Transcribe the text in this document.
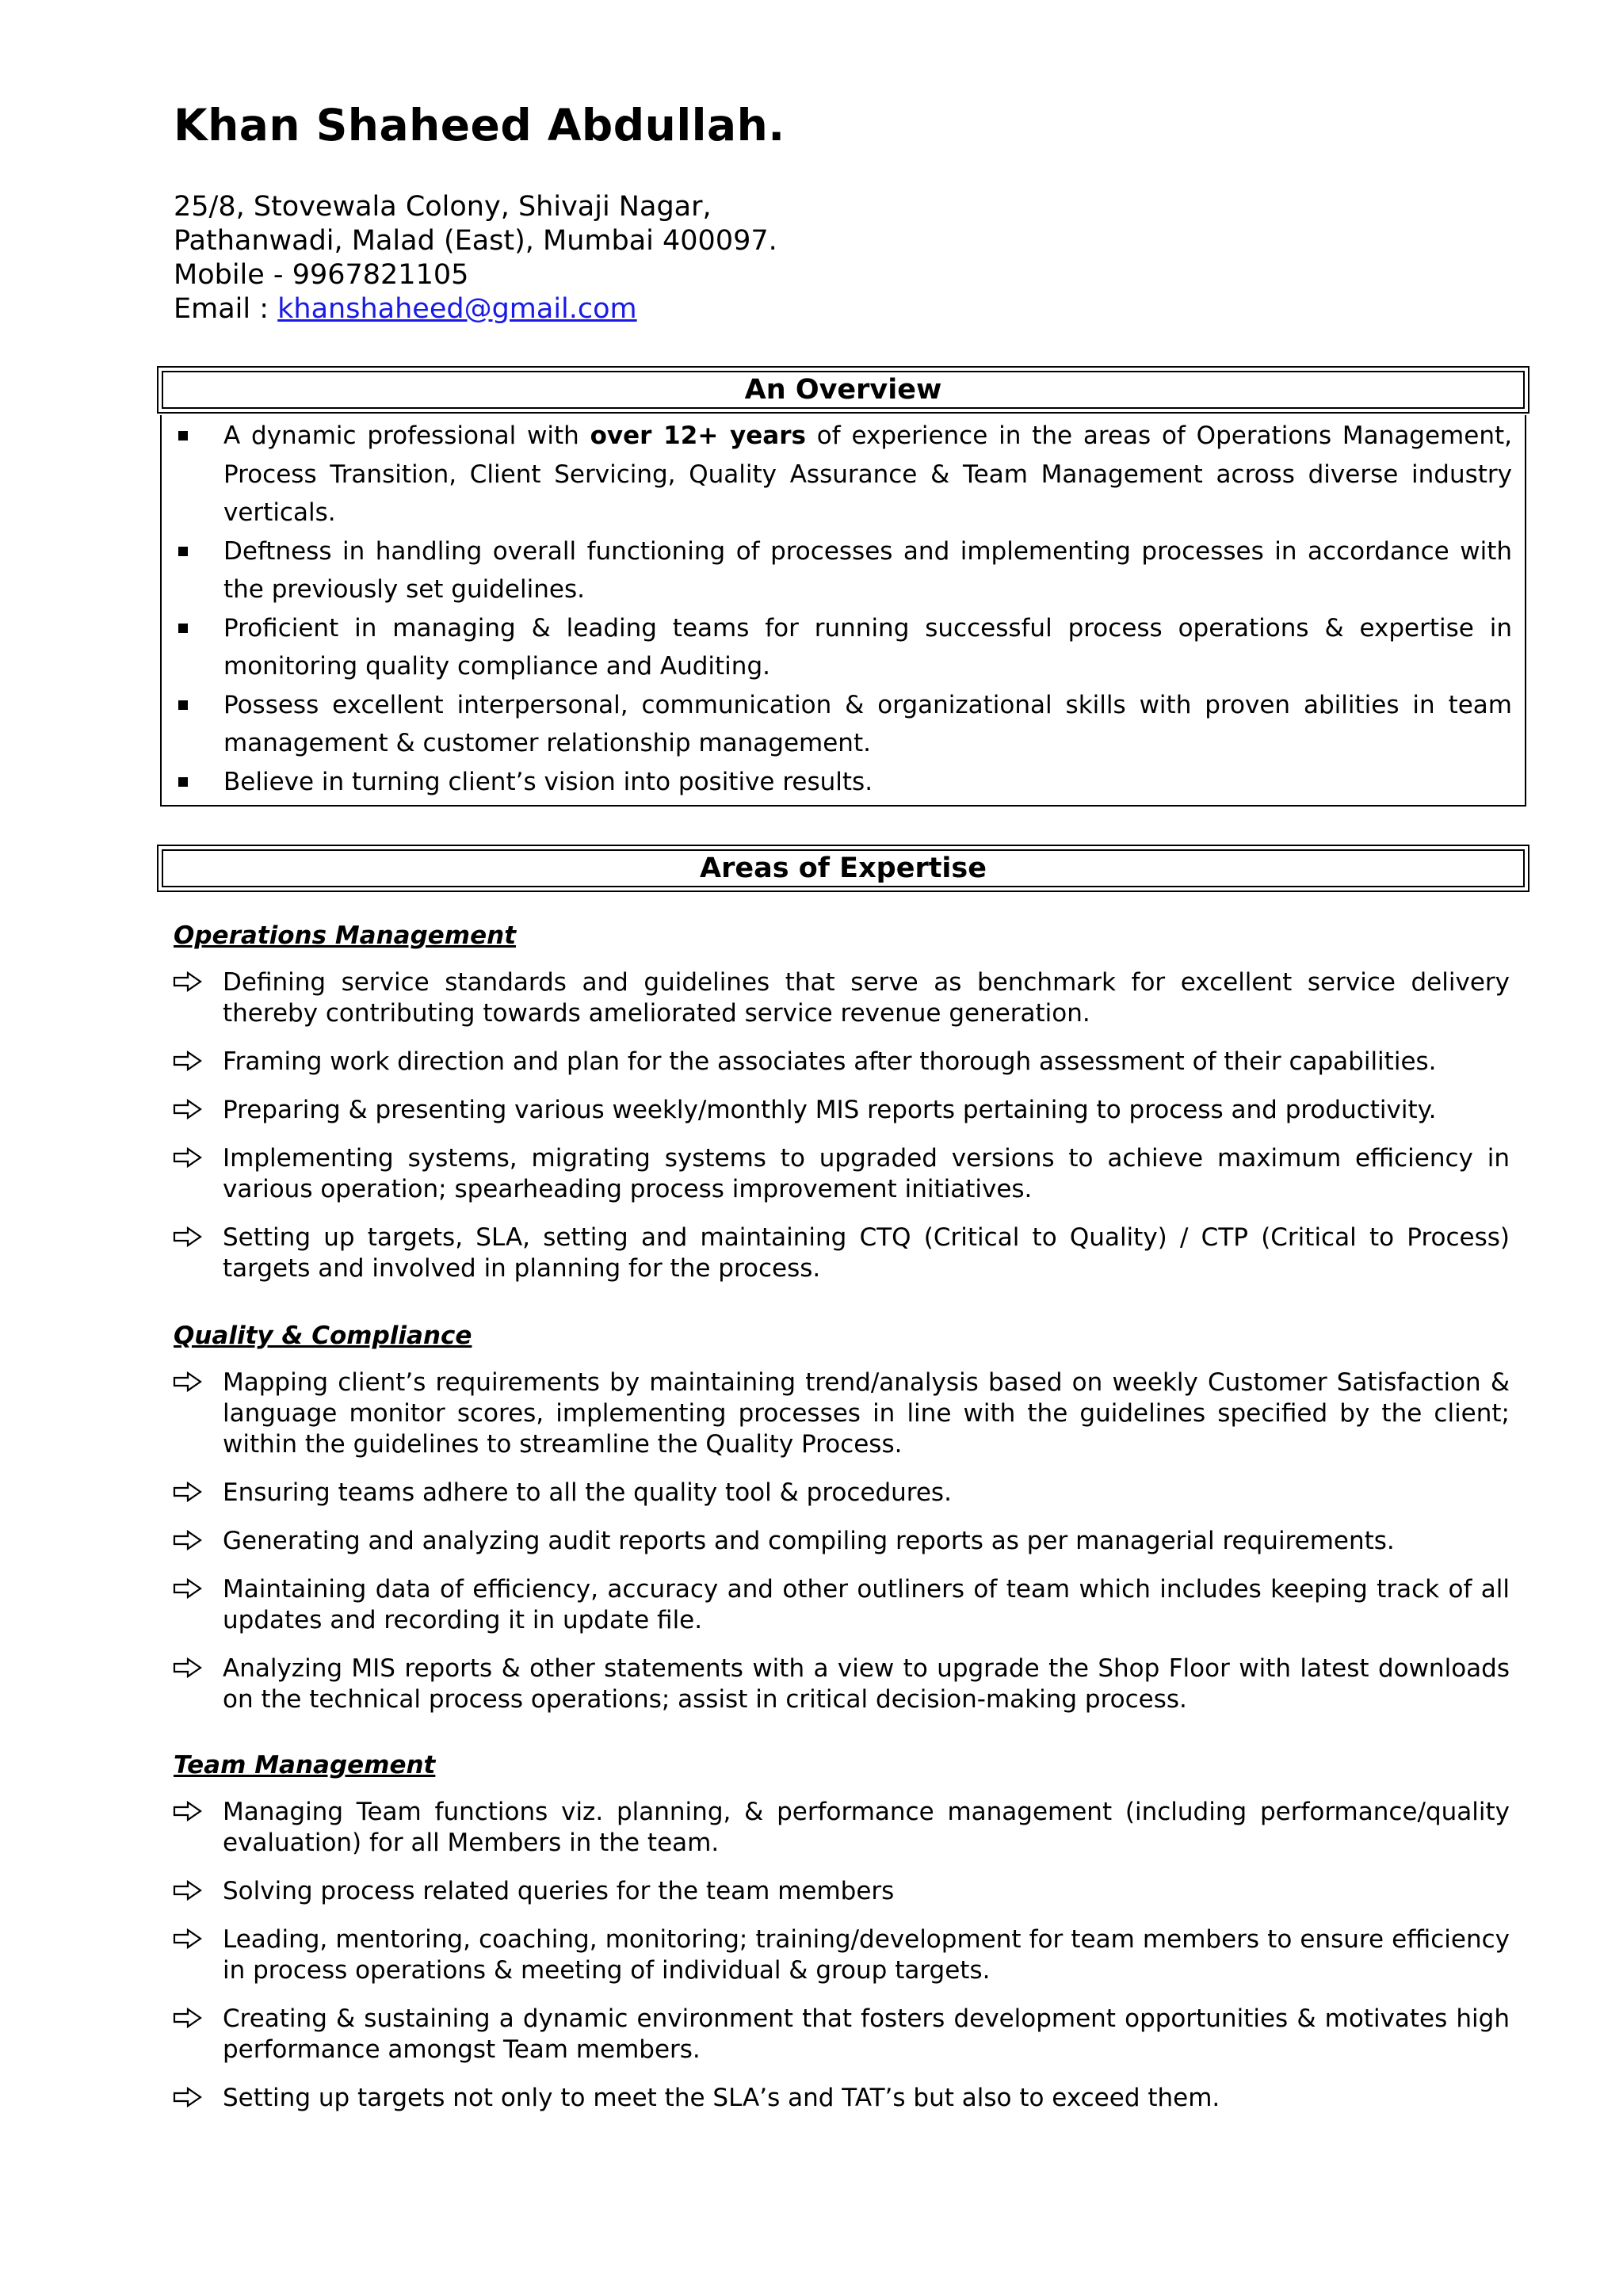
Khan Shaheed Abdullah.
25/8, Stovewala Colony, Shivaji Nagar,
Pathanwadi, Malad (East), Mumbai 400097.
Mobile - 9967821105
Email : khanshaheed@gmail.com
An Overview
A dynamic professional with over 12+ years of experience in the areas of Operations Management, Process Transition, Client Servicing, Quality Assurance & Team Management across diverse industry verticals.
Deftness in handling overall functioning of processes and implementing processes in accordance with the previously set guidelines.
Proficient in managing & leading teams for running successful process operations & expertise in monitoring quality compliance and Auditing.
Possess excellent interpersonal, communication & organizational skills with proven abilities in team management & customer relationship management.
Believe in turning client’s vision into positive results.
Areas of Expertise
Operations Management
Defining service standards and guidelines that serve as benchmark for excellent service delivery thereby contributing towards ameliorated service revenue generation.
Framing work direction and plan for the associates after thorough assessment of their capabilities.
Preparing & presenting various weekly/monthly MIS reports pertaining to process and productivity.
Implementing systems, migrating systems to upgraded versions to achieve maximum efficiency in various operation; spearheading process improvement initiatives.
Setting up targets, SLA, setting and maintaining CTQ (Critical to Quality) / CTP (Critical to Process) targets and involved in planning for the process.
Quality & Compliance
Mapping client’s requirements by maintaining trend/analysis based on weekly Customer Satisfaction & language monitor scores, implementing processes in line with the guidelines specified by the client; within the guidelines to streamline the Quality Process.
Ensuring teams adhere to all the quality tool & procedures.
Generating and analyzing audit reports and compiling reports as per managerial requirements.
Maintaining data of efficiency, accuracy and other outliners of team which includes keeping track of all updates and recording it in update file.
Analyzing MIS reports & other statements with a view to upgrade the Shop Floor with latest downloads on the technical process operations; assist in critical decision-making process.
Team Management
Managing Team functions viz. planning, & performance management (including performance/quality evaluation) for all Members in the team.
Solving process related queries for the team members
Leading, mentoring, coaching, monitoring; training/development for team members to ensure efficiency in process operations & meeting of individual & group targets.
Creating & sustaining a dynamic environment that fosters development opportunities & motivates high performance amongst Team members.
Setting up targets not only to meet the SLA’s and TAT’s but also to exceed them.
